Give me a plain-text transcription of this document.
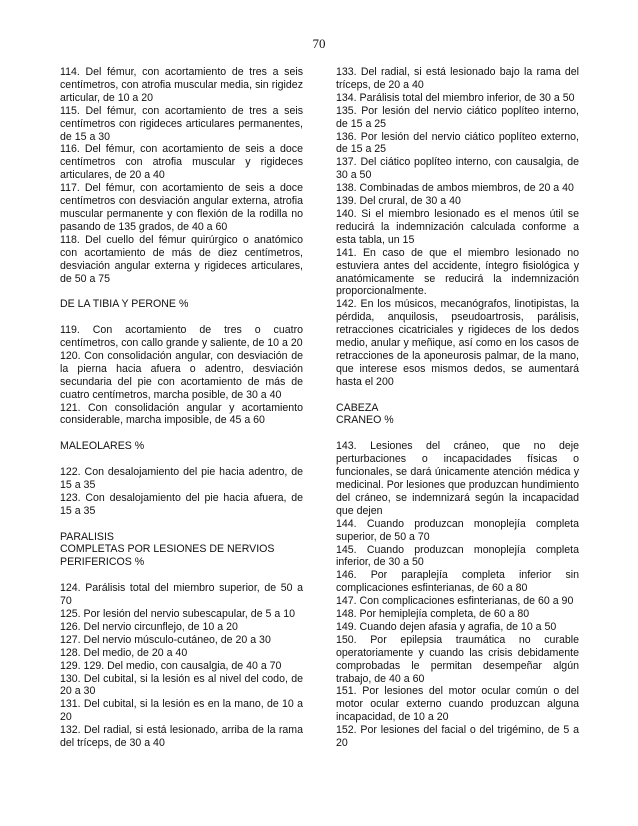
70

114. Del fémur, con acortamiento de tres a seis centímetros, con atrofia muscular media, sin rigidez articular, de 10 a 20

115. Del fémur, con acortamiento de tres a seis centímetros con rigideces articulares permanentes, de 15 a 30

116. Del fémur, con acortamiento de seis a doce centímetros con atrofia muscular y rigideces articulares, de 20 a 40

117. Del fémur, con acortamiento de seis a doce centímetros con desviación angular externa, atrofia muscular permanente y con flexión de la rodilla no pasando de 135 grados, de 40 a 60

118. Del cuello del fémur quirúrgico o anatómico con acortamiento de más de diez centímetros, desviación angular externa y rigideces articulares, de 50 a 75

DE LA TIBIA Y PERONE %

119. Con acortamiento de tres o cuatro centímetros, con callo grande y saliente, de 10 a 20

120. Con consolidación angular, con desviación de la pierna hacia afuera o adentro, desviación secundaria del pie con acortamiento de más de cuatro centímetros, marcha posible, de 30 a 40

121. Con consolidación angular y acortamiento considerable, marcha imposible, de 45 a 60

MALEOLARES %

122. Con desalojamiento del pie hacia adentro, de 15 a 35

123. Con desalojamiento del pie hacia afuera, de 15 a 35

PARALISIS

COMPLETAS POR LESIONES DE NERVIOS PERIFERICOS %

124. Parálisis total del miembro superior, de 50 a 70

125. Por lesión del nervio subescapular, de 5 a 10

126. Del nervio circunflejo, de 10 a 20

127. Del nervio músculo-cutáneo, de 20 a 30

128. Del medio, de 20 a 40

129. 129. Del medio, con causalgia, de 40 a 70

130. Del cubital, si la lesión es al nivel del codo, de 20 a 30

131. Del cubital, si la lesión es en la mano, de 10 a 20

132. Del radial, si está lesionado, arriba de la rama del tríceps, de 30 a 40

133. Del radial, si está lesionado bajo la rama del tríceps, de 20 a 40

134. Parálisis total del miembro inferior, de 30 a 50

135. Por lesión del nervio ciático poplíteo interno, de 15 a 25

136. Por lesión del nervio ciático poplíteo externo, de 15 a 25

137. Del ciático poplíteo interno, con causalgia, de 30 a 50

138. Combinadas de ambos miembros, de 20 a 40

139. Del crural, de 30 a 40

140. Si el miembro lesionado es el menos útil se reducirá la indemnización calculada conforme a esta tabla, un 15

141. En caso de que el miembro lesionado no estuviera antes del accidente, íntegro fisiológica y anatómicamente se reducirá la indemnización proporcionalmente.

142. En los músicos, mecanógrafos, linotipistas, la pérdida, anquilosis, pseudoartrosis, parálisis, retracciones cicatriciales y rigideces de los dedos medio, anular y meñique, así como en los casos de retracciones de la aponeurosis palmar, de la mano, que interese esos mismos dedos, se aumentará hasta el 200

CABEZA

CRANEO %

143. Lesiones del cráneo, que no deje perturbaciones o incapacidades físicas o funcionales, se dará únicamente atención médica y medicinal. Por lesiones que produzcan hundimiento del cráneo, se indemnizará según la incapacidad que dejen

144. Cuando produzcan monoplejía completa superior, de 50 a 70

145. Cuando produzcan monoplejía completa inferior, de 30 a 50

146. Por paraplejía completa inferior sin complicaciones esfinterianas, de 60 a 80

147. Con complicaciones esfinterianas, de 60 a 90

148. Por hemiplejía completa, de 60 a 80

149. Cuando dejen afasia y agrafia, de 10 a 50

150. Por epilepsia traumática no curable operatoriamente y cuando las crisis debidamente comprobadas le permitan desempeñar algún trabajo, de 40 a 60

151. Por lesiones del motor ocular común o del motor ocular externo cuando produzcan alguna incapacidad, de 10 a 20

152. Por lesiones del facial o del trigémino, de 5 a 20
